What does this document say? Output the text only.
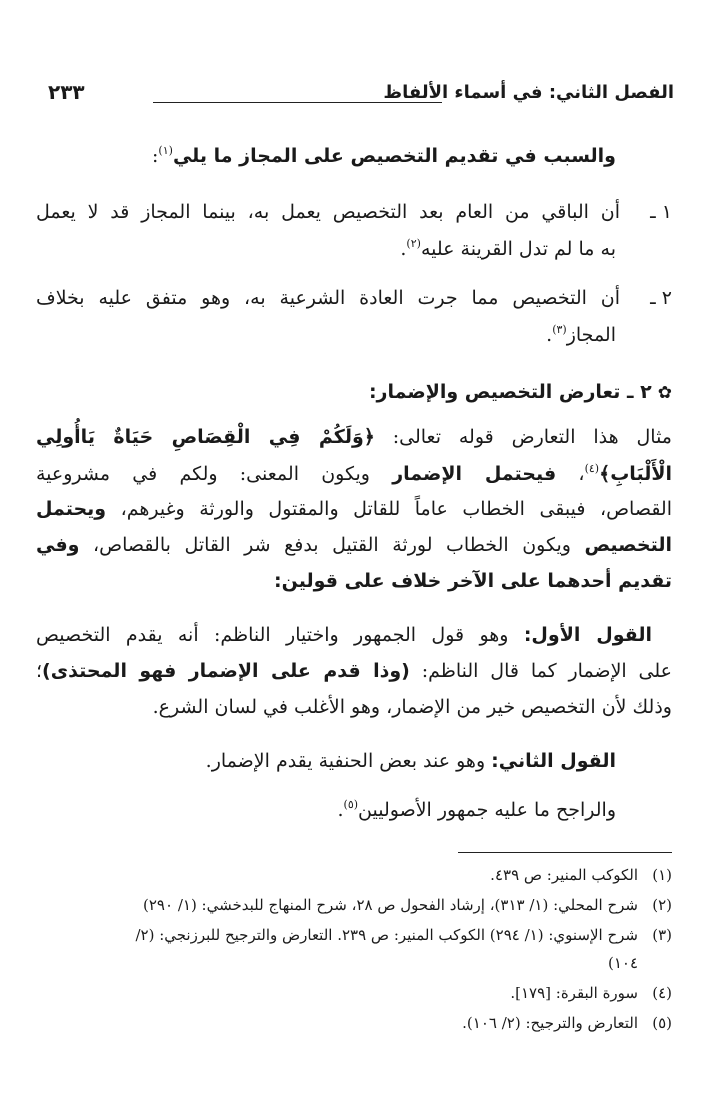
الفصل الثاني: في أسماء الألفاظ
٢٣٣
والسبب في تقديم التخصيص على المجاز ما يلي$^{(١)}$:
١ ـ
أن الباقي من العام بعد التخصيص يعمل به، بينما المجاز قد لا يعمل
به ما لم تدل القرينة عليه$^{(٢)}$.
٢ ـ
أن التخصيص مما جرت العادة الشرعية به، وهو متفق عليه بخلاف
المجاز$^{(٣)}$.
✿٢ ـ تعارض التخصيص والإضمار:
مثال هذا التعارض قوله تعالى: ﴿وَلَكُمْ فِي الْقِصَاصِ حَيَاةٌ يَاأُولِي
الْأَلْبَابِ﴾$^{(٤)}$، فيحتمل الإضمار ويكون المعنى: ولكم في مشروعية
القصاص، فيبقى الخطاب عاماً للقاتل والمقتول والورثة وغيرهم، ويحتمل
التخصيص ويكون الخطاب لورثة القتيل بدفع شر القاتل بالقصاص، وفي
تقديم أحدهما على الآخر خلاف على قولين:
القول الأول: وهو قول الجمهور واختيار الناظم: أنه يقدم التخصيص
على الإضمار كما قال الناظم: (وذا قدم على الإضمار فهو المحتذى)؛
وذلك لأن التخصيص خير من الإضمار، وهو الأغلب في لسان الشرع.
القول الثاني: وهو عند بعض الحنفية يقدم الإضمار.
والراجح ما عليه جمهور الأصوليين$^{(٥)}$.
(١)الكوكب المنير: ص ٤٣٩.
(٢)شرح المحلي: (١/ ٣١٣)، إرشاد الفحول ص ٢٨، شرح المنهاج للبدخشي: (١/ ٢٩٠)
(٣)شرح الإسنوي: (١/ ٢٩٤) الكوكب المنير: ص ٢٣٩. التعارض والترجيح للبرزنجي: (٢/
١٠٤)
(٤)سورة البقرة: [١٧٩].
(٥)التعارض والترجيح: (٢/ ١٠٦).
